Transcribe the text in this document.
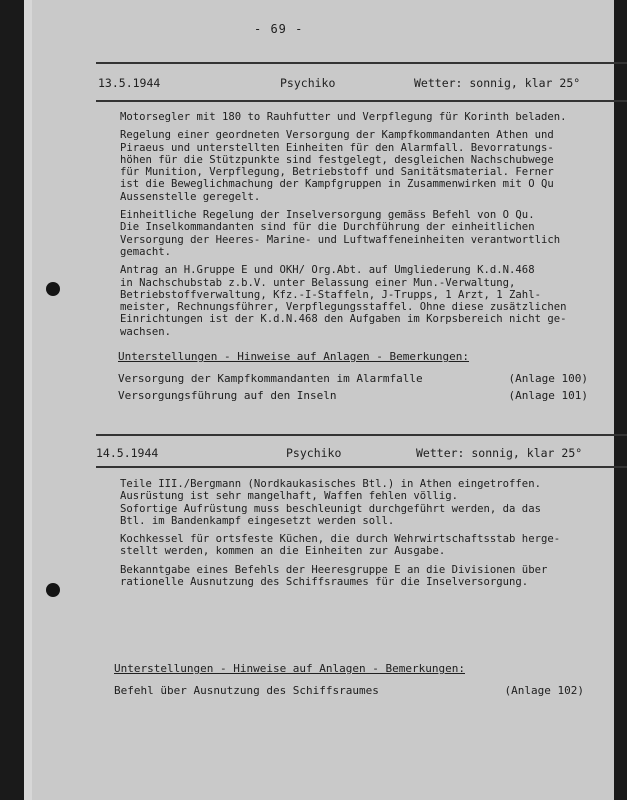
- 69 -
13.5.1944	Psychiko	Wetter: sonnig, klar 25°

Motorsegler mit 180 to Rauhfutter und Verpflegung für Korinth beladen.

Regelung einer geordneten Versorgung der Kampfkommandanten Athen und
Piraeus und unterstellten Einheiten für den Alarmfall. Bevorratungs-
höhen für die Stützpunkte sind festgelegt, desgleichen Nachschubwege
für Munition, Verpflegung, Betriebstoff und Sanitätsmaterial. Ferner
ist die Beweglichmachung der Kampfgruppen in Zusammenwirken mit O Qu
Aussenstelle geregelt.

Einheitliche Regelung der Inselversorgung gemäss Befehl von O Qu.
Die Inselkommandanten sind für die Durchführung der einheitlichen
Versorgung der Heeres- Marine- und Luftwaffeneinheiten verantwortlich
gemacht.

Antrag an H.Gruppe E und OKH/ Org.Abt. auf Umgliederung K.d.N.468
in Nachschubstab z.b.V. unter Belassung einer Mun.-Verwaltung,
Betriebstoffverwaltung, Kfz.-I-Staffeln, J-Trupps, 1 Arzt, 1 Zahl-
meister, Rechnungsführer, Verpflegungsstaffel. Ohne diese zusätzlichen
Einrichtungen ist der K.d.N.468 den Aufgaben im Korpsbereich nicht ge-
wachsen.

Unterstellungen - Hinweise auf Anlagen - Bemerkungen:
Versorgung der Kampfkommandanten im Alarmfalle	(Anlage 100)
Versorgungsführung auf den Inseln	(Anlage 101)
14.5.1944	Psychiko	Wetter: sonnig, klar 25°

Teile III./Bergmann (Nordkaukasisches Btl.) in Athen eingetroffen.
Ausrüstung ist sehr mangelhaft, Waffen fehlen völlig.
Sofortige Aufrüstung muss beschleunigt durchgeführt werden, da das
Btl. im Bandenkampf eingesetzt werden soll.

Kochkessel für ortsfeste Küchen, die durch Wehrwirtschaftsstab herge-
stellt werden, kommen an die Einheiten zur Ausgabe.

Bekanntgabe eines Befehls der Heeresgruppe E an die Divisionen über
rationelle Ausnutzung des Schiffsraumes für die Inselversorgung.

Unterstellungen - Hinweise auf Anlagen - Bemerkungen:
Befehl über Ausnutzung des Schiffsraumes	(Anlage 102)
